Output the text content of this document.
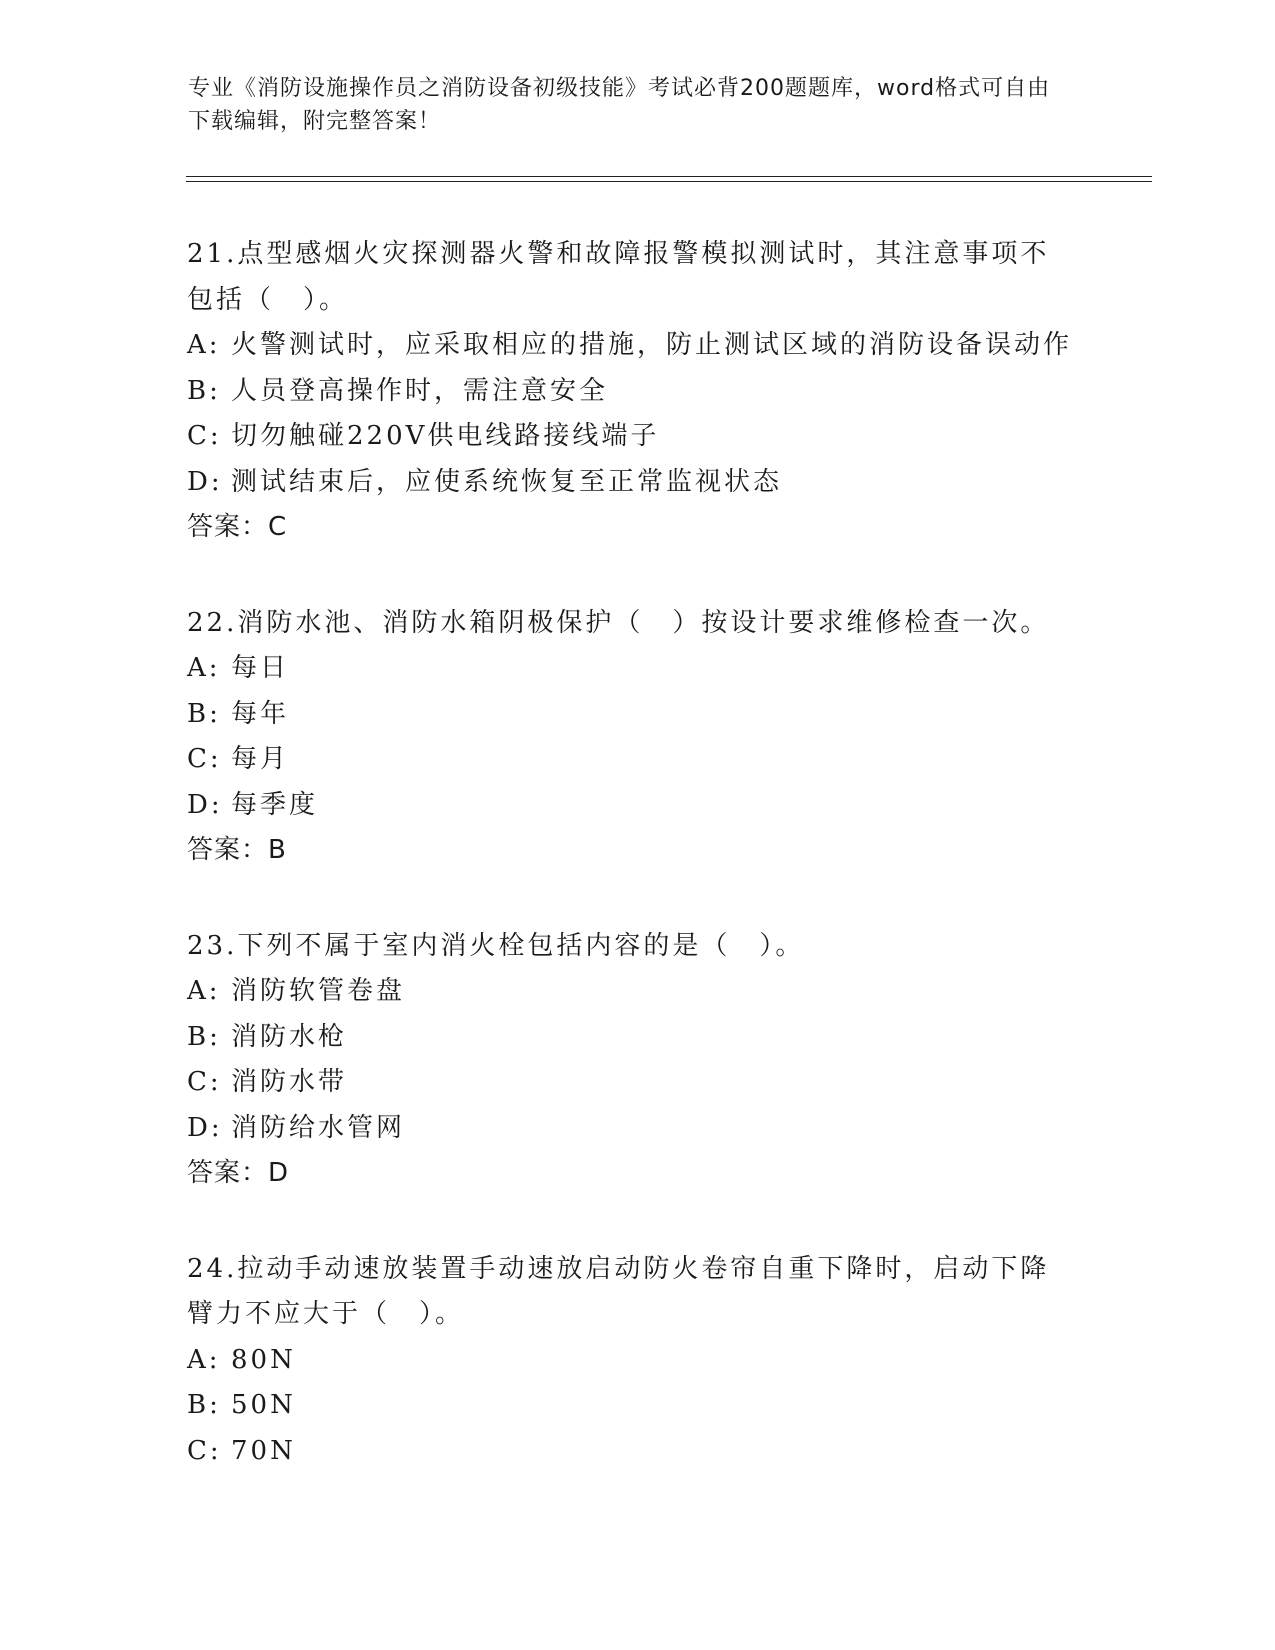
专业《消防设施操作员之消防设备初级技能》考试必背200题题库，word格式可自由下载编辑，附完整答案！
21.点型感烟火灾探测器火警和故障报警模拟测试时，其注意事项不包括（　）。
A: 火警测试时，应采取相应的措施，防止测试区域的消防设备误动作
B: 人员登高操作时，需注意安全
C: 切勿触碰220V供电线路接线端子
D: 测试结束后，应使系统恢复至正常监视状态
答案：C
22.消防水池、消防水箱阴极保护（　）按设计要求维修检查一次。
A: 每日
B: 每年
C: 每月
D: 每季度
答案：B
23.下列不属于室内消火栓包括内容的是（　）。
A: 消防软管卷盘
B: 消防水枪
C: 消防水带
D: 消防给水管网
答案：D
24.拉动手动速放装置手动速放启动防火卷帘自重下降时，启动下降臂力不应大于（　）。
A: 80N
B: 50N
C: 70N
